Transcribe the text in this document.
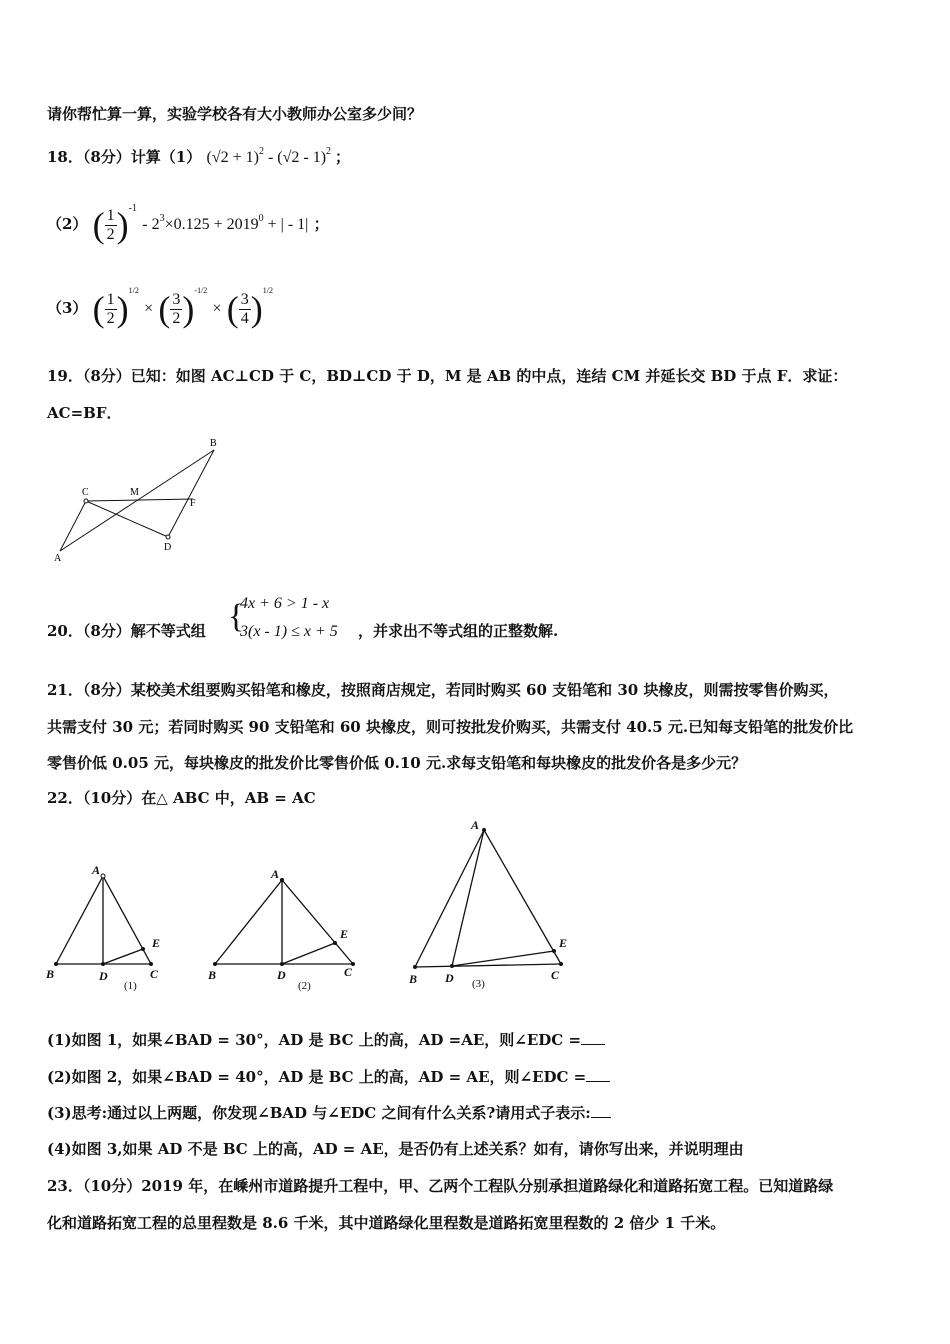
请你帮忙算一算，实验学校各有大小教师办公室多少间？
18．（8分）计算（1） $(√2 + 1)^2 - (√2 - 1)^2$ ；
（2） ( $\frac{1}{2} )^{-1} - 2^3\times 0.125 + 2019^0$ + | - 1| ；
（3） ( $\frac{1}{2} )^{1/2}$ × ( $\frac{3}{2} )^{-1/2}$ × ( $\frac{3}{4} )^{1/2}$
19．（8分）已知：如图 AC⊥CD 于 C，BD⊥CD 于 D，M 是 AB 的中点，连结 CM 并延长交 BD 于点 F．求证：
AC=BF．
B
C	M
F
A
D
20．（8分）解不等式组 {
4x + 6 > 1 - x
3(x - 1) ≤ x + 5 ，并求出不等式组的正整数解.
21．（8分）某校美术组要购买铅笔和橡皮，按照商店规定，若同时购买 60 支铅笔和 30 块橡皮，则需按零售价购买，
共需支付 30 元；若同时购买 90 支铅笔和 60 块橡皮，则可按批发价购买，共需支付 40.5 元.已知每支铅笔的批发价比
零售价低 0.05 元，每块橡皮的批发价比零售价低 0.10 元.求每支铅笔和每块橡皮的批发价各是多少元？
22．（10分）在△ ABC 中，AB = AC
A
B	D	C
E
(1)
A
B	D	C
E
(2)
A
B D	C
E
(3)
(1)如图 1，如果∠BAD = 30°，AD 是 BC 上的高，AD =AE，则∠EDC =
(2)如图 2，如果∠BAD = 40°，AD 是 BC 上的高，AD = AE，则∠EDC =
(3)思考:通过以上两题，你发现∠BAD 与∠EDC 之间有什么关系?请用式子表示:
(4)如图 3,如果 AD 不是 BC 上的高，AD = AE，是否仍有上述关系？如有，请你写出来，并说明理由
23．（10分）2019 年，在嵊州市道路提升工程中，甲、乙两个工程队分别承担道路绿化和道路拓宽工程。已知道路绿
化和道路拓宽工程的总里程数是 8.6 千米，其中道路绿化里程数是道路拓宽里程数的 2 倍少 1 千米。
